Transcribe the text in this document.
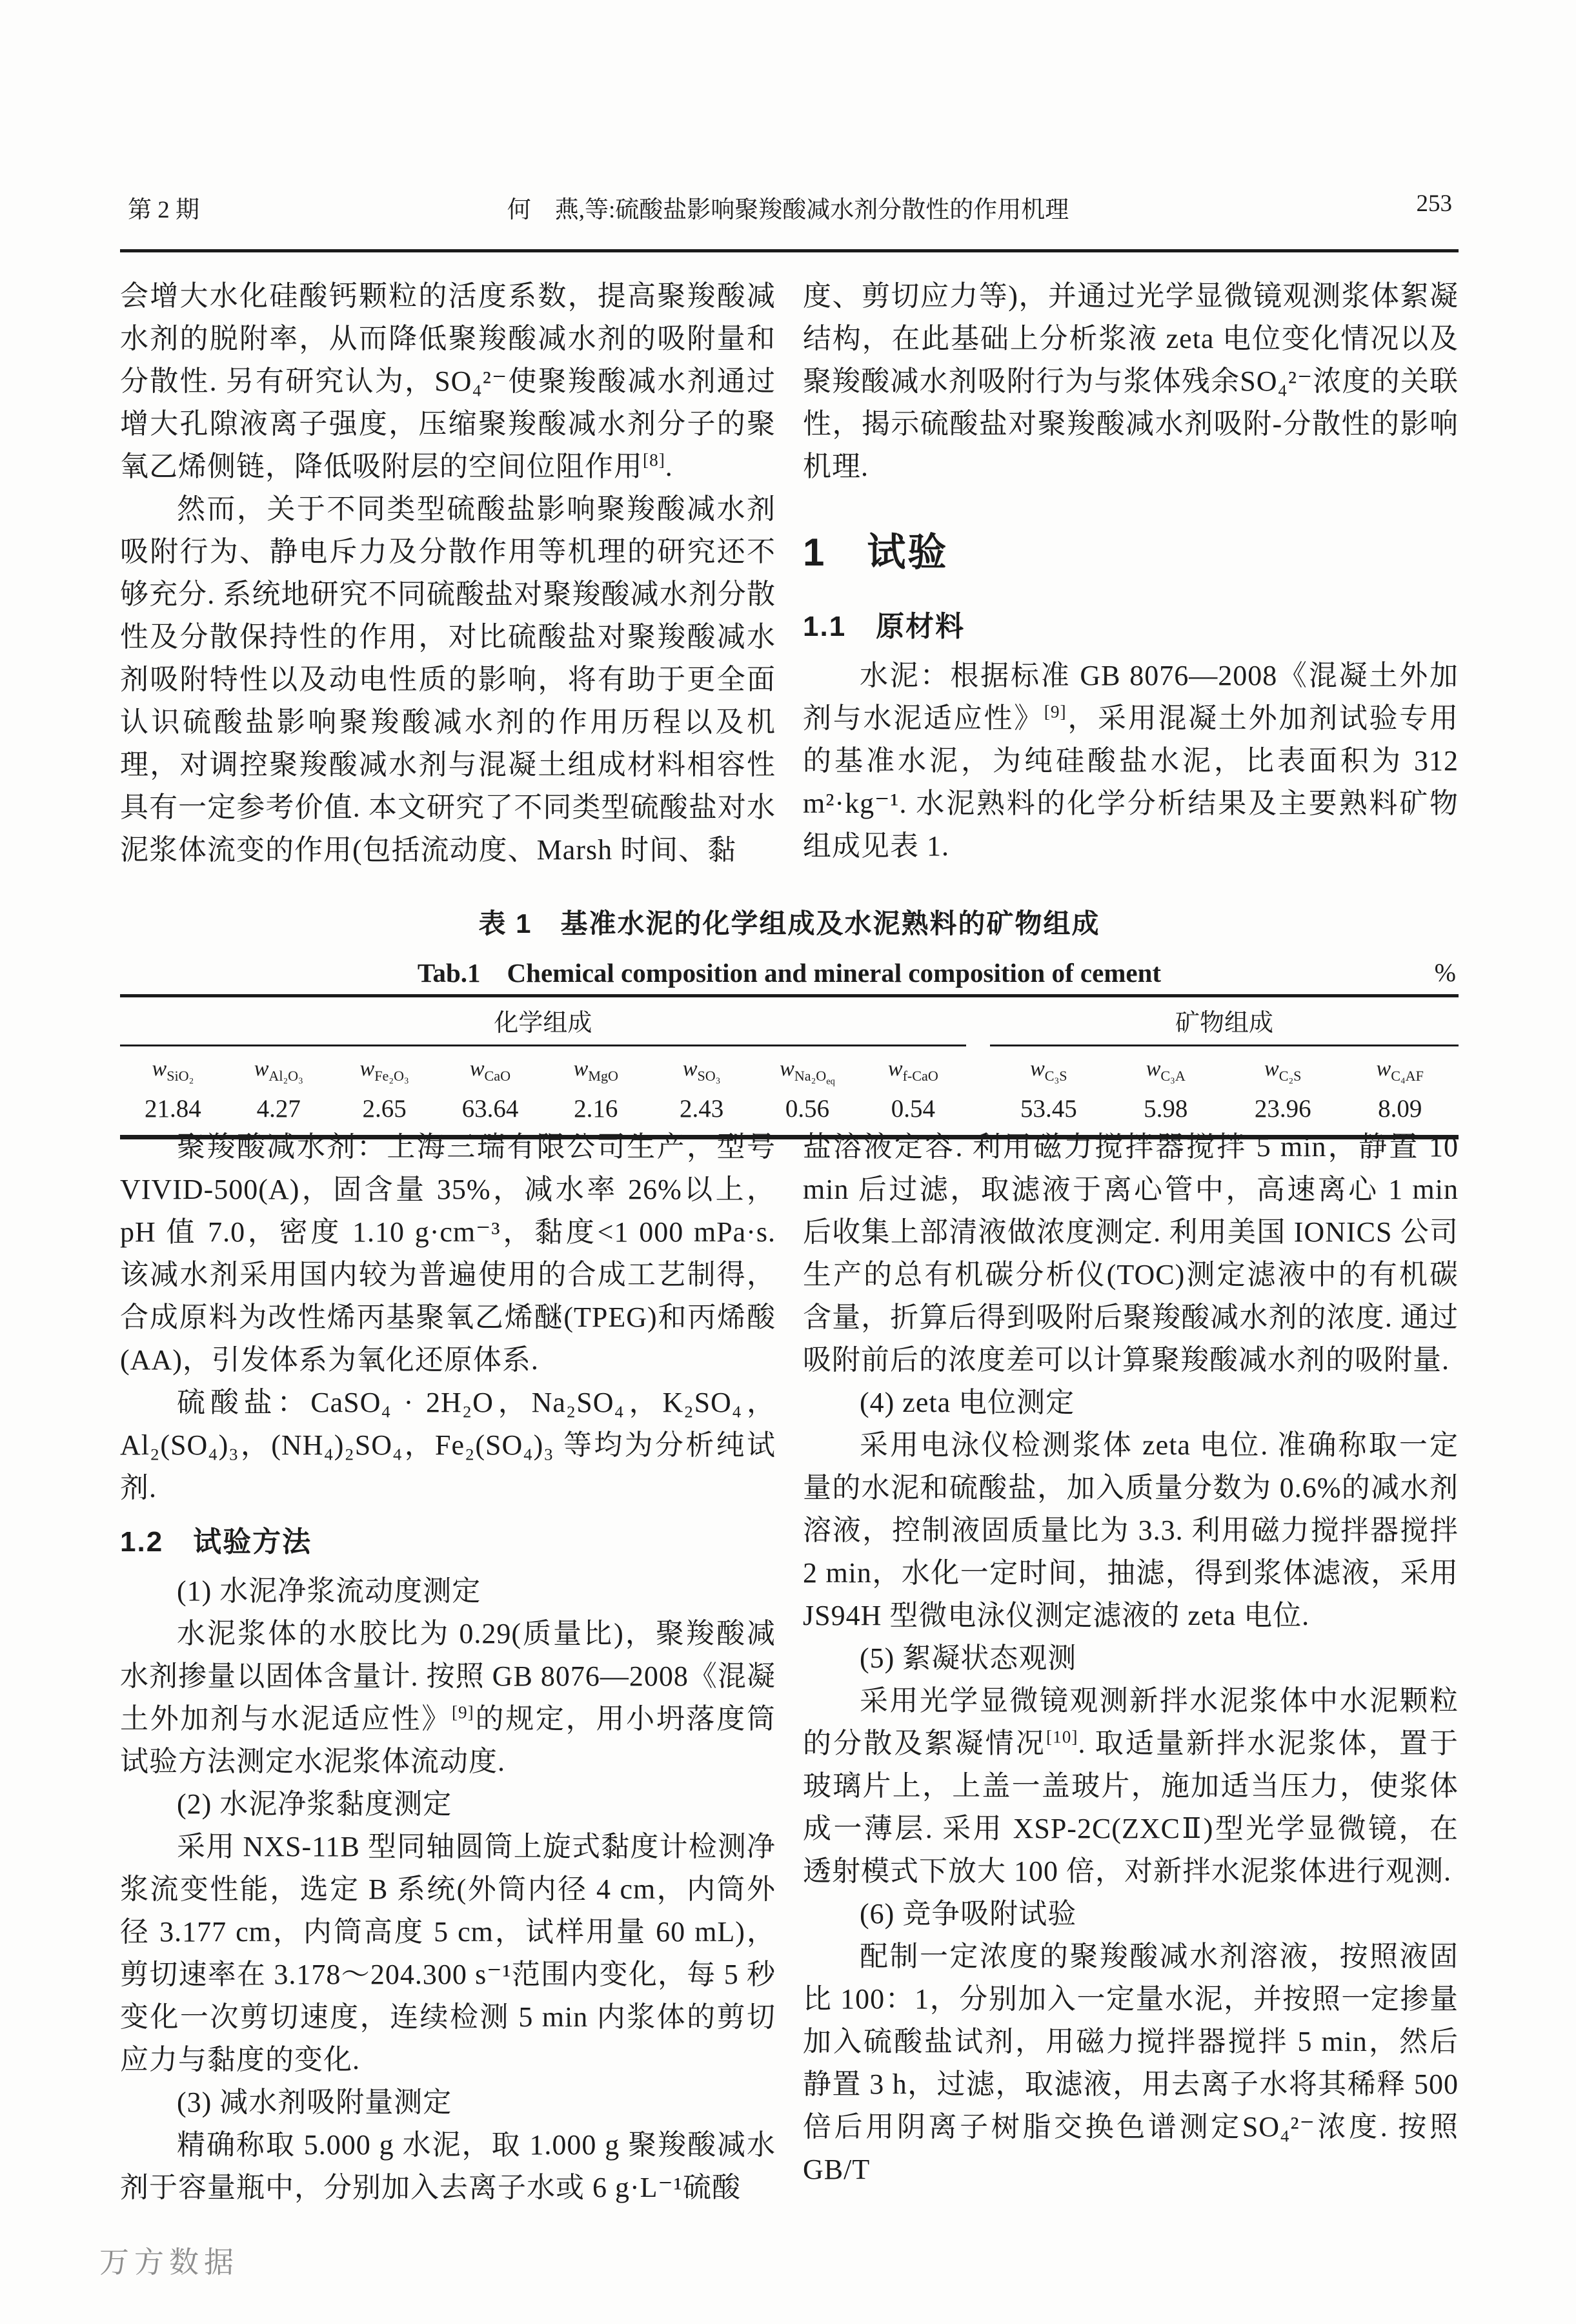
第 2 期	何　燕,等:硫酸盐影响聚羧酸减水剂分散性的作用机理	253

会增大水化硅酸钙颗粒的活度系数，提高聚羧酸减水剂的脱附率，从而降低聚羧酸减水剂的吸附量和分散性. 另有研究认为，SO₄²⁻使聚羧酸减水剂通过增大孔隙液离子强度，压缩聚羧酸减水剂分子的聚氧乙烯侧链，降低吸附层的空间位阻作用[8].

然而，关于不同类型硫酸盐影响聚羧酸减水剂吸附行为、静电斥力及分散作用等机理的研究还不够充分. 系统地研究不同硫酸盐对聚羧酸减水剂分散性及分散保持性的作用，对比硫酸盐对聚羧酸减水剂吸附特性以及动电性质的影响，将有助于更全面认识硫酸盐影响聚羧酸减水剂的作用历程以及机理，对调控聚羧酸减水剂与混凝土组成材料相容性具有一定参考价值. 本文研究了不同类型硫酸盐对水泥浆体流变的作用(包括流动度、Marsh 时间、黏

度、剪切应力等)，并通过光学显微镜观测浆体絮凝结构，在此基础上分析浆液 zeta 电位变化情况以及聚羧酸减水剂吸附行为与浆体残余SO₄²⁻浓度的关联性，揭示硫酸盐对聚羧酸减水剂吸附-分散性的影响机理.

1　试验
1.1　原材料

水泥：根据标准 GB 8076—2008《混凝土外加剂与水泥适应性》[9]，采用混凝土外加剂试验专用的基准水泥，为纯硅酸盐水泥，比表面积为 312 m²·kg⁻¹. 水泥熟料的化学分析结果及主要熟料矿物组成见表 1.

表 1　基准水泥的化学组成及水泥熟料的矿物组成
Tab.1　Chemical composition and mineral composition of cement	%
化学组成									矿物组成			
$w_{SiO_2}$	$w_{Al_2O_3}$	$w_{Fe_2O_3}$	$w_{CaO}$	$w_{MgO}$	$w_{SO_3}$	$w_{Na_2O_{eq}}$	$w_{f-CaO}$		$w_{C_3S}$	$w_{C_3A}$	$w_{C_2S}$	$w_{C_4AF}$
21.84	4.27	2.65	63.64	2.16	2.43	0.56	0.54		53.45	5.98	23.96	8.09

聚羧酸减水剂：上海三瑞有限公司生产，型号 VIVID-500(A)，固含量 35%，减水率 26%以上，pH 值 7.0，密度 1.10 g·cm⁻³，黏度<1 000 mPa·s. 该减水剂采用国内较为普遍使用的合成工艺制得，合成原料为改性烯丙基聚氧乙烯醚(TPEG)和丙烯酸(AA)，引发体系为氧化还原体系.

硫酸盐：CaSO₄ · 2H₂O，Na₂SO₄，K₂SO₄，Al₂(SO₄)₃，(NH₄)₂SO₄，Fe₂(SO₄)₃ 等均为分析纯试剂.

1.2　试验方法

(1) 水泥净浆流动度测定

水泥浆体的水胶比为 0.29(质量比)，聚羧酸减水剂掺量以固体含量计. 按照 GB 8076—2008《混凝土外加剂与水泥适应性》[9]的规定，用小坍落度筒试验方法测定水泥浆体流动度.

(2) 水泥净浆黏度测定

采用 NXS-11B 型同轴圆筒上旋式黏度计检测净浆流变性能，选定 B 系统(外筒内径 4 cm，内筒外径 3.177 cm，内筒高度 5 cm，试样用量 60 mL)，剪切速率在 3.178～204.300 s⁻¹范围内变化，每 5 秒变化一次剪切速度，连续检测 5 min 内浆体的剪切应力与黏度的变化.

(3) 减水剂吸附量测定

精确称取 5.000 g 水泥，取 1.000 g 聚羧酸减水剂于容量瓶中，分别加入去离子水或 6 g·L⁻¹硫酸

盐溶液定容. 利用磁力搅拌器搅拌 5 min，静置 10 min 后过滤，取滤液于离心管中，高速离心 1 min 后收集上部清液做浓度测定. 利用美国 IONICS 公司生产的总有机碳分析仪(TOC)测定滤液中的有机碳含量，折算后得到吸附后聚羧酸减水剂的浓度. 通过吸附前后的浓度差可以计算聚羧酸减水剂的吸附量.

(4) zeta 电位测定

采用电泳仪检测浆体 zeta 电位. 准确称取一定量的水泥和硫酸盐，加入质量分数为 0.6%的减水剂溶液，控制液固质量比为 3.3. 利用磁力搅拌器搅拌 2 min，水化一定时间，抽滤，得到浆体滤液，采用 JS94H 型微电泳仪测定滤液的 zeta 电位.

(5) 絮凝状态观测

采用光学显微镜观测新拌水泥浆体中水泥颗粒的分散及絮凝情况[10]. 取适量新拌水泥浆体，置于玻璃片上，上盖一盖玻片，施加适当压力，使浆体成一薄层. 采用 XSP-2C(ZXCⅡ)型光学显微镜，在透射模式下放大 100 倍，对新拌水泥浆体进行观测.

(6) 竞争吸附试验

配制一定浓度的聚羧酸减水剂溶液，按照液固比 100：1，分别加入一定量水泥，并按照一定掺量加入硫酸盐试剂，用磁力搅拌器搅拌 5 min，然后静置 3 h，过滤，取滤液，用去离子水将其稀释 500 倍后用阴离子树脂交换色谱测定SO₄²⁻浓度. 按照 GB/T

万方数据
